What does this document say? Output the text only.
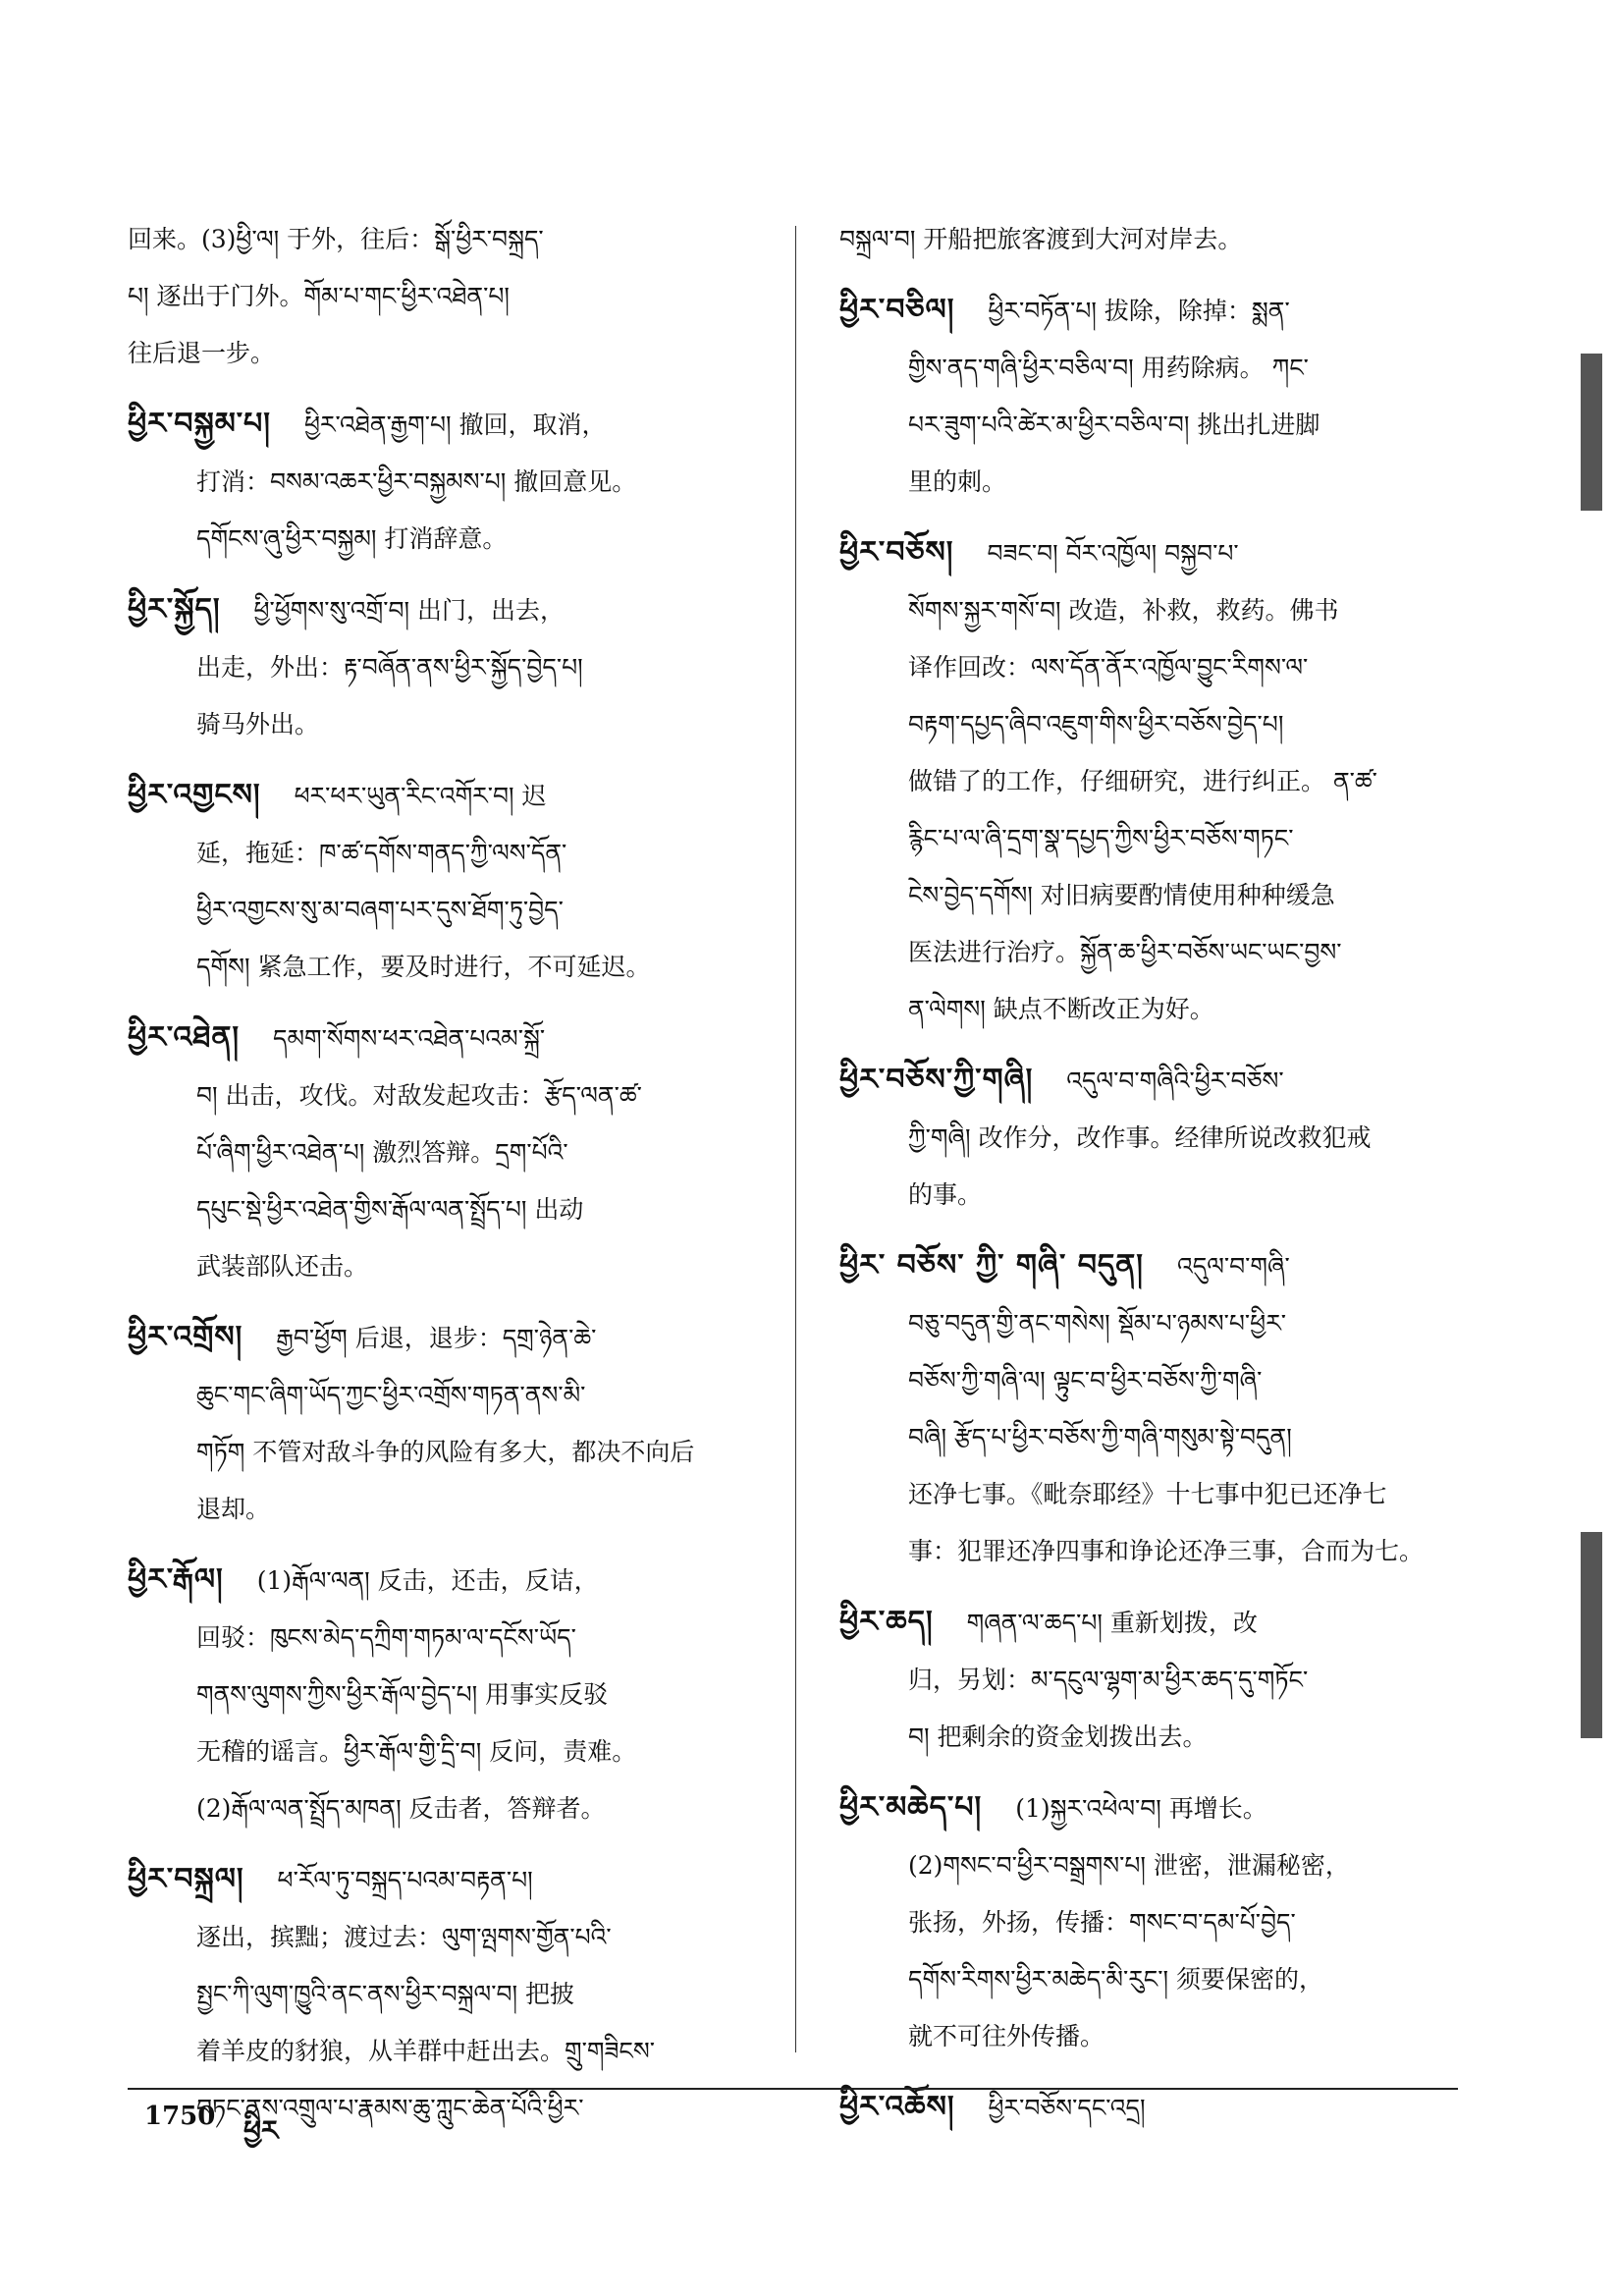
回来。(3)ཕྱི་ལ། 于外，往后：སྒོ་ཕྱིར་བསྐྲད་
པ། 逐出于门外。གོམ་པ་གང་ཕྱིར་འཐེན་པ།
往后退一步。
ཕྱིར་བསྐྱམ་པ། ཕྱིར་འཐེན་རྒྱག་པ། 撤回，取消，
打消：བསམ་འཆར་ཕྱིར་བསྐྱམས་པ། 撤回意见。
དགོངས་ཞུ་ཕྱིར་བསྐྱམ། 打消辞意。
ཕྱིར་སྐྱོད། ཕྱི་ཕྱོགས་སུ་འགྲོ་བ། 出门，出去，
出走，外出：རྟ་བཞོན་ནས་ཕྱིར་སྐྱོད་བྱེད་པ།
骑马外出。
ཕྱིར་འགྱངས། ཕར་ཕར་ཡུན་རིང་འགོར་བ། 迟
延，拖延：ཁ་ཚ་དགོས་གནད་ཀྱི་ལས་དོན་
ཕྱིར་འགྱངས་སུ་མ་བཞག་པར་དུས་ཐོག་ཏུ་བྱེད་
དགོས། 紧急工作，要及时进行，不可延迟。
ཕྱིར་འཐེན། དམག་སོགས་ཕར་འཐེན་པའམ་སྐྲོ་
བ། 出击，攻伐。对敌发起攻击：རྩོད་ལན་ཚ་
པོ་ཞིག་ཕྱིར་འཐེན་པ། 激烈答辩。དྲག་པོའི་
དཔུང་སྡེ་ཕྱིར་འཐེན་གྱིས་རྒོལ་ལན་སྤྲོད་པ། 出动
武装部队还击。
ཕྱིར་འགྲོས། རྒྱབ་ཕྱོག 后退，退步：དགྲ་ཉེན་ཆེ་
ཆུང་གང་ཞིག་ཡོད་ཀྱང་ཕྱིར་འགྲོས་གཏན་ནས་མི་
གཏོག 不管对敌斗争的风险有多大，都决不向后
退却。
ཕྱིར་རྒོལ། (1)རྒོལ་ལན། 反击，还击，反诘，
回驳：ཁུངས་མེད་དཀྲིག་གཏམ་ལ་དངོས་ཡོད་
གནས་ལུགས་ཀྱིས་ཕྱིར་རྒོལ་བྱེད་པ། 用事实反驳
无稽的谣言。ཕྱིར་རྒོལ་གྱི་དྲི་བ། 反问，责难。
(2)རྒོལ་ལན་སྤྲོད་མཁན། 反击者，答辩者。
ཕྱིར་བསྐྲལ། ཕ་རོལ་ཏུ་བསྐྲད་པའམ་བརྟན་པ།
逐出，摈黜；渡过去：ལུག་ལྤགས་གྱོན་པའི་
སྤྱང་ཀི་ལུག་ཁྱུའི་ནང་ནས་ཕྱིར་བསྐྲལ་བ། 把披
着羊皮的豺狼，从羊群中赶出去。གྲུ་གཟིངས་
བཏང་ནས་འགྲུལ་པ་རྣམས་ཆུ་ཀླུང་ཆེན་པོའི་ཕྱིར་
བསྐྲལ་བ། 开船把旅客渡到大河对岸去。
ཕྱིར་བཅིལ། ཕྱིར་བཏོན་པ། 拔除，除掉：སྨན་
གྱིས་ནད་གཞི་ཕྱིར་བཅིལ་བ། 用药除病。 ཀང་
པར་ཟུག་པའི་ཚེར་མ་ཕྱིར་བཅིལ་བ། 挑出扎进脚
里的刺。
ཕྱིར་བཅོས། བཟང་བ། བོར་འཁྱོལ། བསྐྱབ་པ་
སོགས་སྐྱར་གསོ་བ། 改造，补救，救药。佛书
译作回改：ལས་དོན་ནོར་འཁྱོལ་བྱུང་རིགས་ལ་
བརྟག་དཔྱད་ཞིབ་འཇུག་གིས་ཕྱིར་བཅོས་བྱེད་པ།
做错了的工作，仔细研究，进行纠正。 ན་ཚ་
རྙིང་པ་ལ་ཞི་དྲག་སྣ་དཔྱད་ཀྱིས་ཕྱིར་བཅོས་གཏང་
ངེས་བྱེད་དགོས། 对旧病要酌情使用种种缓急
医法进行治疗。སྐྱོན་ཆ་ཕྱིར་བཅོས་ཡང་ཡང་བྱས་
ན་ལེགས། 缺点不断改正为好。
ཕྱིར་བཅོས་ཀྱི་གཞི། འདུལ་བ་གཞིའི་ཕྱིར་བཅོས་
ཀྱི་གཞི། 改作分，改作事。经律所说改救犯戒
的事。
ཕྱིར་ བཅོས་ ཀྱི་ གཞི་ བདུན། འདུལ་བ་གཞི་
བཅུ་བདུན་གྱི་ནང་གསེས། སྡོམ་པ་ཉམས་པ་ཕྱིར་
བཅོས་ཀྱི་གཞི་ལ། ལྟུང་བ་ཕྱིར་བཅོས་ཀྱི་གཞི་
བཞི། རྩོད་པ་ཕྱིར་བཅོས་ཀྱི་གཞི་གསུམ་སྟེ་བདུན།
还净七事。《毗奈耶经》十七事中犯已还净七
事：犯罪还净四事和诤论还净三事，合而为七。
ཕྱིར་ཆད། གཞན་ལ་ཆད་པ། 重新划拨，改
归，另划：མ་དངུལ་ལྷག་མ་ཕྱིར་ཆད་དུ་གཏོང་
བ། 把剩余的资金划拨出去。
ཕྱིར་མཆེད་པ། (1)སྐྱར་འཕེལ་བ། 再增长。
(2)གསང་བ་ཕྱིར་བསྒྲགས་པ། 泄密，泄漏秘密，
张扬，外扬，传播：གསང་བ་དམ་པོ་བྱེད་
དགོས་རིགས་ཕྱིར་མཆེད་མི་རུང་། 须要保密的，
就不可往外传播。
ཕྱིར་འཆོས། ཕྱིར་བཅོས་དང་འདྲ།
1750 ཕྱིར
